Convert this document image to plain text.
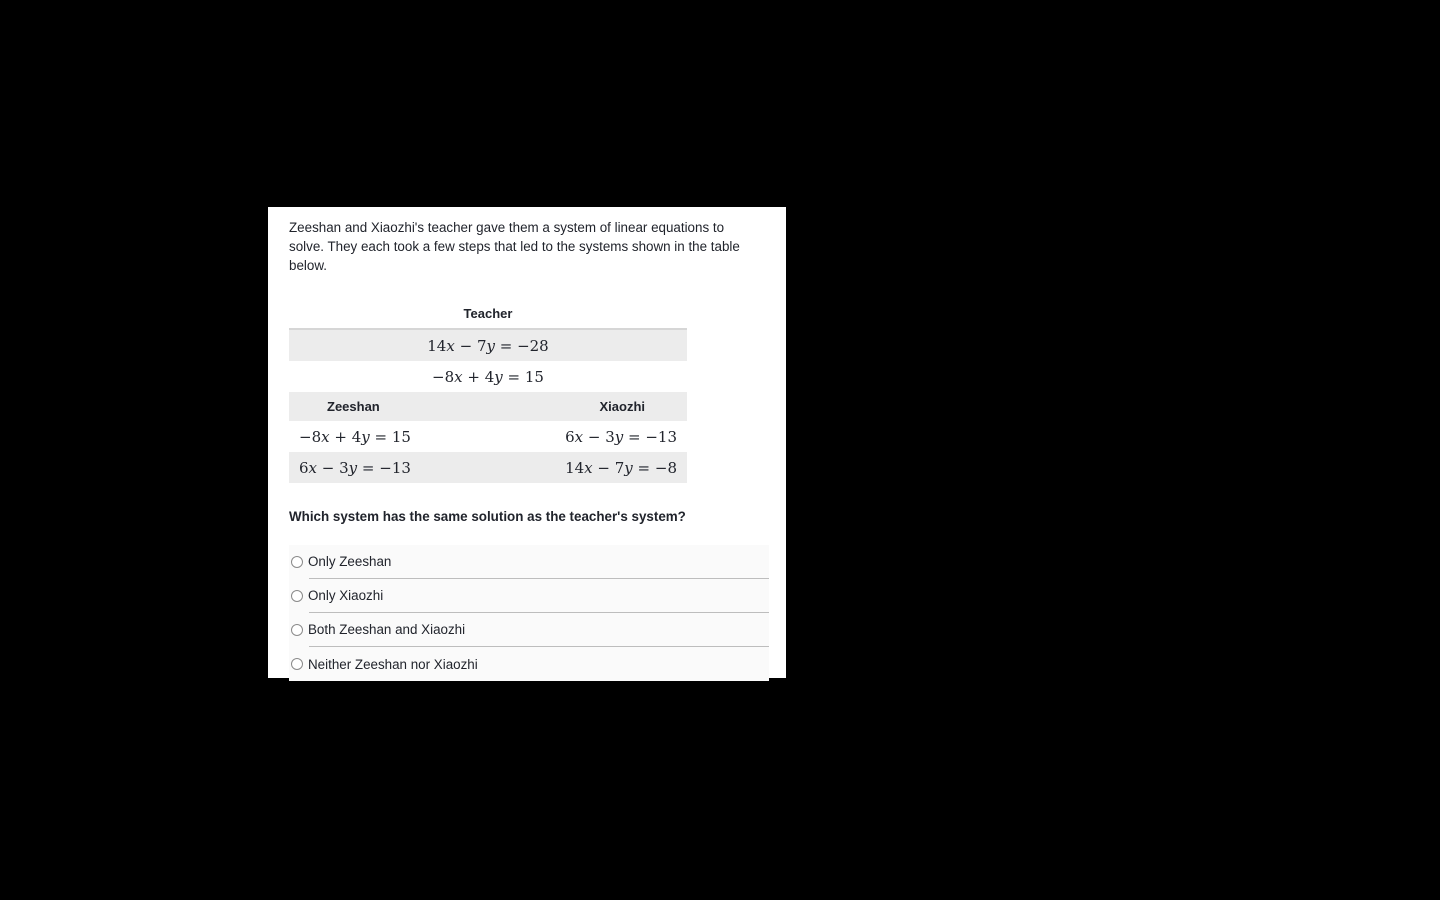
Zeeshan and Xiaozhi's teacher gave them a system of linear equations to solve. They each took a few steps that led to the systems shown in the table below.

Teacher	
14x − 7y = −28	
−8x + 4y = 15	
Zeeshan	Xiaozhi
−8x + 4y = 15	6x − 3y = −13
6x − 3y = −13	14x − 7y = −8

Which system has the same solution as the teacher's system?

Only Zeeshan
Only Xiaozhi
Both Zeeshan and Xiaozhi
Neither Zeeshan nor Xiaozhi
